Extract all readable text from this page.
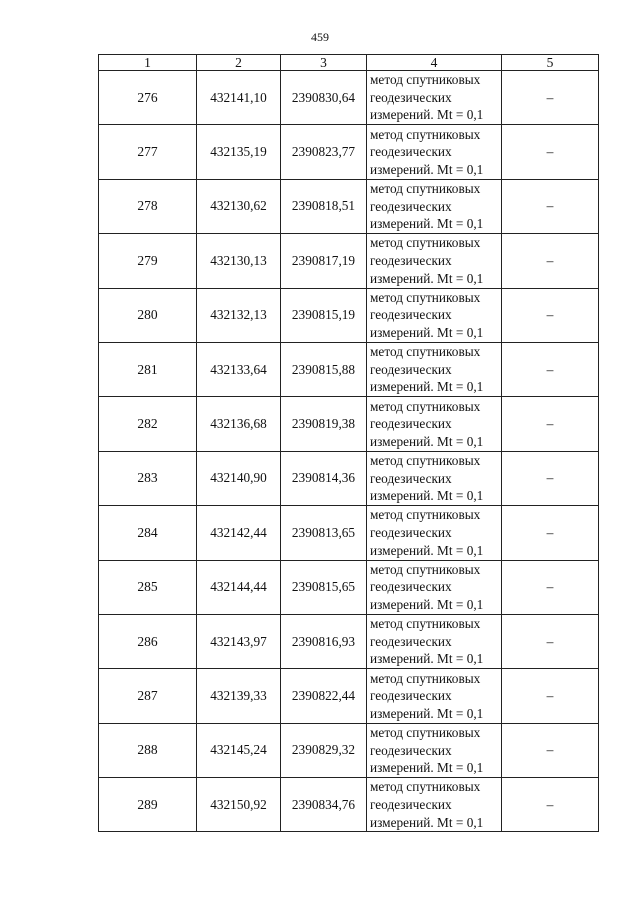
459
1	2	3	4	5
276	432141,10	2390830,64	метод спутниковых
геодезических
измерений. Mt = 0,1	–
277	432135,19	2390823,77	метод спутниковых
геодезических
измерений. Mt = 0,1	–
278	432130,62	2390818,51	метод спутниковых
геодезических
измерений. Mt = 0,1	–
279	432130,13	2390817,19	метод спутниковых
геодезических
измерений. Mt = 0,1	–
280	432132,13	2390815,19	метод спутниковых
геодезических
измерений. Mt = 0,1	–
281	432133,64	2390815,88	метод спутниковых
геодезических
измерений. Mt = 0,1	–
282	432136,68	2390819,38	метод спутниковых
геодезических
измерений. Mt = 0,1	–
283	432140,90	2390814,36	метод спутниковых
геодезических
измерений. Mt = 0,1	–
284	432142,44	2390813,65	метод спутниковых
геодезических
измерений. Mt = 0,1	–
285	432144,44	2390815,65	метод спутниковых
геодезических
измерений. Mt = 0,1	–
286	432143,97	2390816,93	метод спутниковых
геодезических
измерений. Mt = 0,1	–
287	432139,33	2390822,44	метод спутниковых
геодезических
измерений. Mt = 0,1	–
288	432145,24	2390829,32	метод спутниковых
геодезических
измерений. Mt = 0,1	–
289	432150,92	2390834,76	метод спутниковых
геодезических
измерений. Mt = 0,1	–
